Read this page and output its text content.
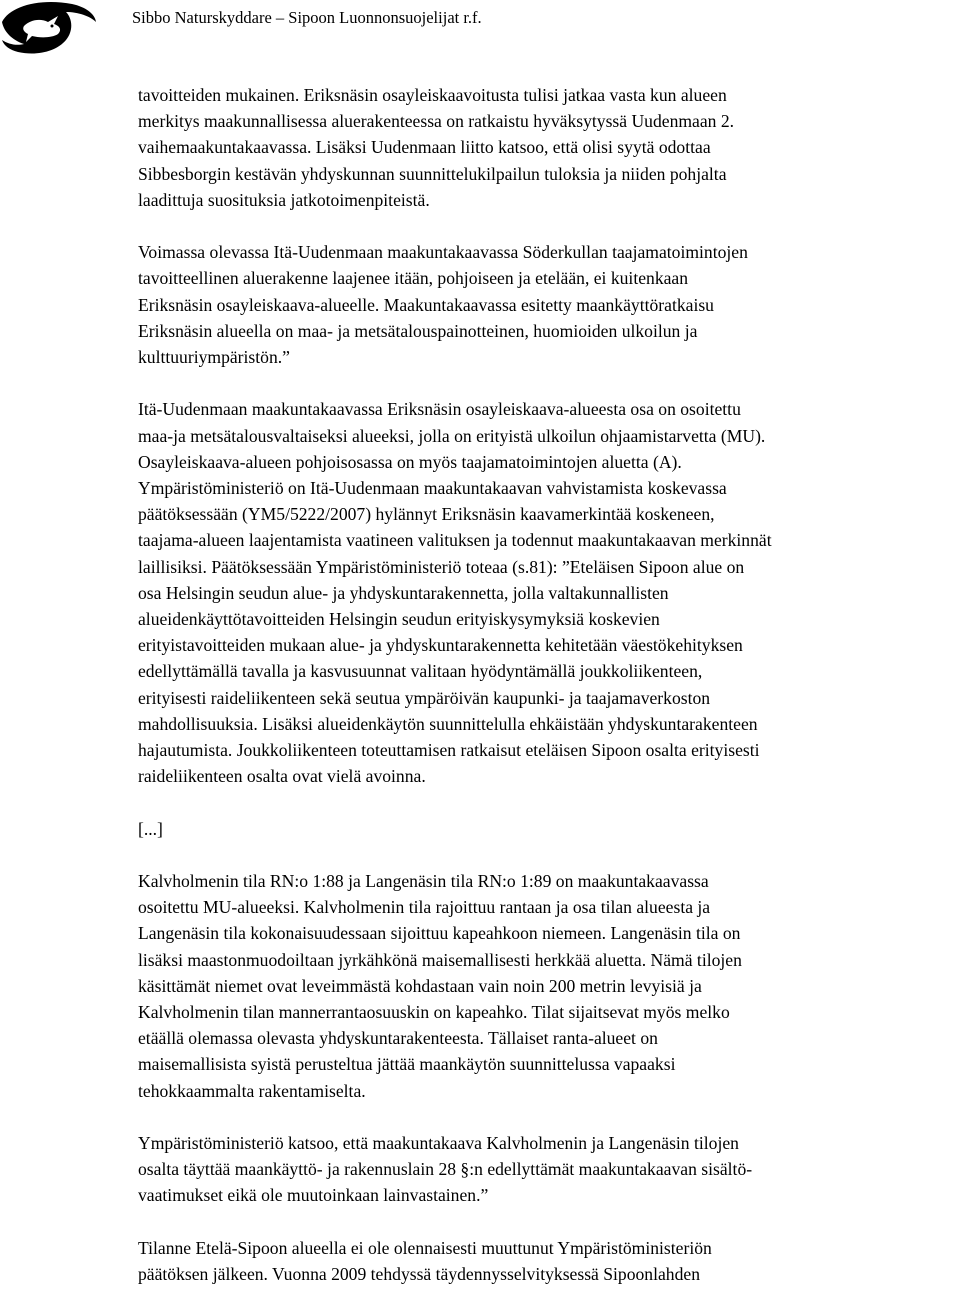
Sibbo Naturskyddare – Sipoon Luonnonsuojelijat r.f.

tavoitteiden mukainen. Eriksnäsin osayleiskaavoitusta tulisi jatkaa vasta kun alueen
merkitys maakunnallisessa aluerakenteessa on ratkaistu hyväksytyssä Uudenmaan 2.
vaihemaakuntakaavassa. Lisäksi Uudenmaan liitto katsoo, että olisi syytä odottaa
Sibbesborgin kestävän yhdyskunnan suunnittelukilpailun tuloksia ja niiden pohjalta
laadittuja suosituksia jatkotoimenpiteistä.

Voimassa olevassa Itä-Uudenmaan maakuntakaavassa Söderkullan taajamatoimintojen
tavoitteellinen aluerakenne laajenee itään, pohjoiseen ja etelään, ei kuitenkaan
Eriksnäsin osayleiskaava-alueelle. Maakuntakaavassa esitetty maankäyttöratkaisu
Eriksnäsin alueella on maa- ja metsätalouspainotteinen, huomioiden ulkoilun ja
kulttuuriympäristön.”

Itä-Uudenmaan maakuntakaavassa Eriksnäsin osayleiskaava-alueesta osa on osoitettu
maa-ja metsätalousvaltaiseksi alueeksi, jolla on erityistä ulkoilun ohjaamistarvetta (MU).
Osayleiskaava-alueen pohjoisosassa on myös taajamatoimintojen aluetta (A).
Ympäristöministeriö on Itä-Uudenmaan maakuntakaavan vahvistamista koskevassa
päätöksessään (YM5/5222/2007) hylännyt Eriksnäsin kaavamerkintää koskeneen,
taajama-alueen laajentamista vaatineen valituksen ja todennut maakuntakaavan merkinnät
laillisiksi. Päätöksessään Ympäristöministeriö toteaa (s.81): ”Eteläisen Sipoon alue on
osa Helsingin seudun alue- ja yhdyskuntarakennetta, jolla valtakunnallisten
alueidenkäyttötavoitteiden Helsingin seudun erityiskysymyksiä koskevien
erityistavoitteiden mukaan alue- ja yhdyskuntarakennetta kehitetään väestökehityksen
edellyttämällä tavalla ja kasvusuunnat valitaan hyödyntämällä joukkoliikenteen,
erityisesti raideliikenteen sekä seutua ympäröivän kaupunki- ja taajamaverkoston
mahdollisuuksia. Lisäksi alueidenkäytön suunnittelulla ehkäistään yhdyskuntarakenteen
hajautumista. Joukkoliikenteen toteuttamisen ratkaisut eteläisen Sipoon osalta erityisesti
raideliikenteen osalta ovat vielä avoinna.

[...]

Kalvholmenin tila RN:o 1:88 ja Langenäsin tila RN:o 1:89 on maakuntakaavassa
osoitettu MU-alueeksi. Kalvholmenin tila rajoittuu rantaan ja osa tilan alueesta ja
Langenäsin tila kokonaisuudessaan sijoittuu kapeahkoon niemeen. Langenäsin tila on
lisäksi maastonmuodoiltaan jyrkähkönä maisemallisesti herkkää aluetta. Nämä tilojen
käsittämät niemet ovat leveimmästä kohdastaan vain noin 200 metrin levyisiä ja
Kalvholmenin tilan mannerrantaosuuskin on kapeahko. Tilat sijaitsevat myös melko
etäällä olemassa olevasta yhdyskuntarakenteesta. Tällaiset ranta-alueet on
maisemallisista syistä perusteltua jättää maankäytön suunnittelussa vapaaksi
tehokkaammalta rakentamiselta.

Ympäristöministeriö katsoo, että maakuntakaava Kalvholmenin ja Langenäsin tilojen
osalta täyttää maankäyttö- ja rakennuslain 28 §:n edellyttämät maakuntakaavan sisältö-
vaatimukset eikä ole muutoinkaan lainvastainen.”

Tilanne Etelä-Sipoon alueella ei ole olennaisesti muuttunut Ympäristöministeriön
päätöksen jälkeen. Vuonna 2009 tehdyssä täydennysselvityksessä Sipoonlahden
